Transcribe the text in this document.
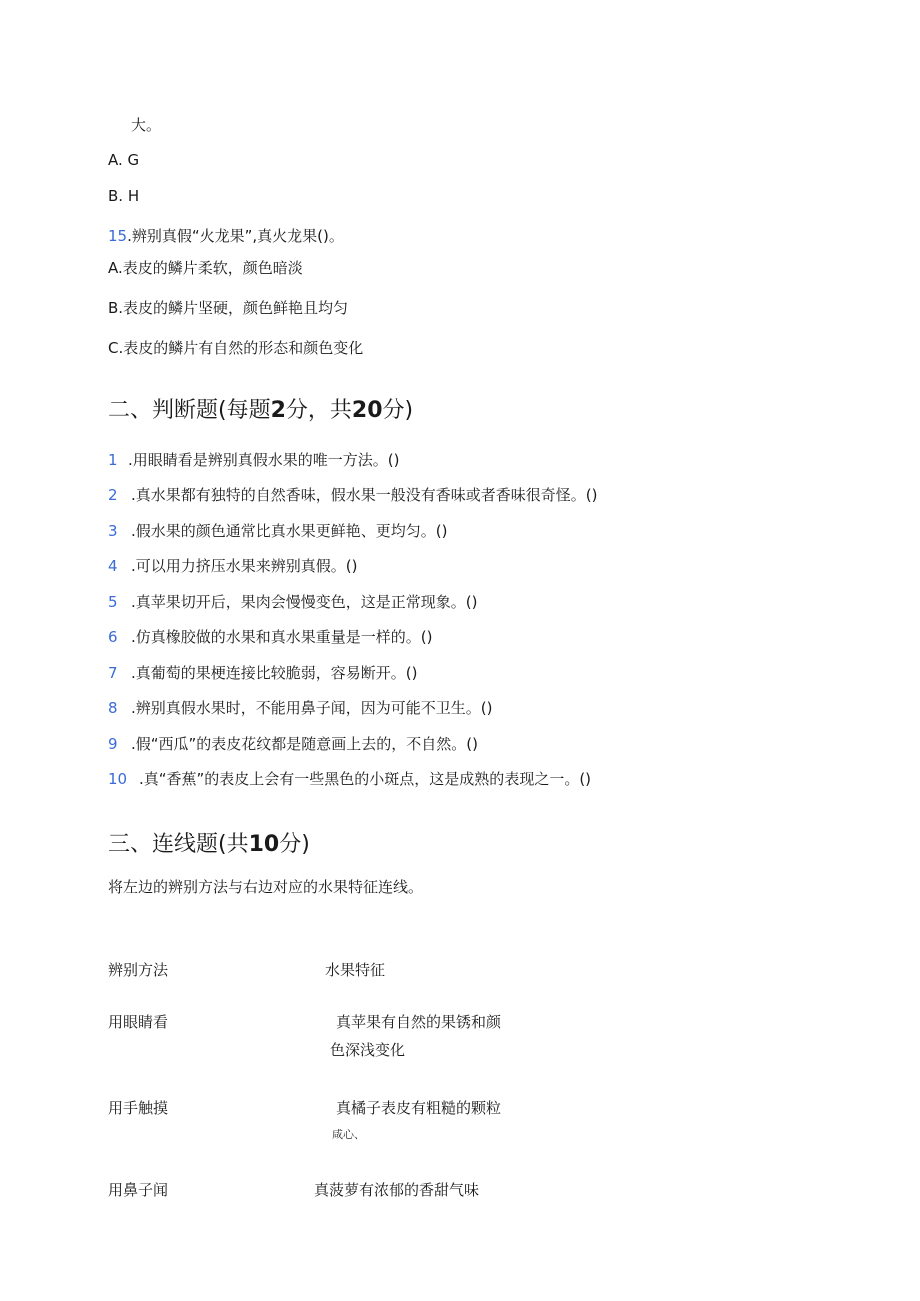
大。
A. G
B. H
15.辨别真假“火龙果”,真火龙果()。
A.表皮的鳞片柔软，颜色暗淡
B.表皮的鳞片坚硬，颜色鲜艳且均匀
C.表皮的鳞片有自然的形态和颜色变化
二、判断题(每题2分，共20分)
1 .用眼睛看是辨别真假水果的唯一方法。()
2 .真水果都有独特的自然香味，假水果一般没有香味或者香味很奇怪。()
3 .假水果的颜色通常比真水果更鲜艳、更均匀。()
4 .可以用力挤压水果来辨别真假。()
5 .真苹果切开后，果肉会慢慢变色，这是正常现象。()
6 .仿真橡胶做的水果和真水果重量是一样的。()
7 .真葡萄的果梗连接比较脆弱，容易断开。()
8 .辨别真假水果时，不能用鼻子闻，因为可能不卫生。()
9 .假“西瓜”的表皮花纹都是随意画上去的，不自然。()
10 .真“香蕉”的表皮上会有一些黑色的小斑点，这是成熟的表现之一。()
三、连线题(共10分)
将左边的辨别方法与右边对应的水果特征连线。
辨别方法	水果特征
用眼睛看	真苹果有自然的果锈和颜
色深浅变化
用手触摸	真橘子表皮有粗糙的颗粒
咸心、
用鼻子闻	真菠萝有浓郁的香甜气味
